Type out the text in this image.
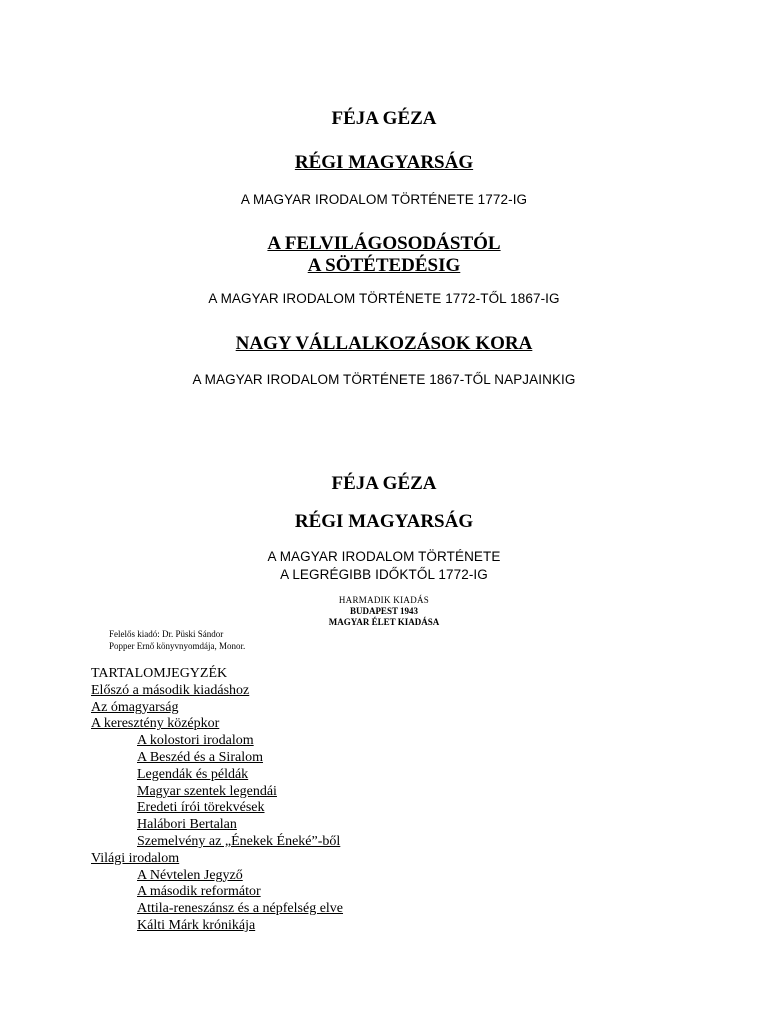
FÉJA GÉZA
RÉGI MAGYARSÁG
A MAGYAR IRODALOM TÖRTÉNETE 1772-IG
A FELVILÁGOSODÁSTÓL
A SÖTÉTEDÉSIG
A MAGYAR IRODALOM TÖRTÉNETE 1772-TŐL 1867-IG
NAGY VÁLLALKOZÁSOK KORA
A MAGYAR IRODALOM TÖRTÉNETE 1867-TŐL NAPJAINKIG
FÉJA GÉZA
RÉGI MAGYARSÁG
A MAGYAR IRODALOM TÖRTÉNETE
A LEGRÉGIBB IDŐKTŐL 1772-IG
HARMADIK KIADÁS
BUDAPEST 1943
MAGYAR ÉLET KIADÁSA
Felelős kiadó: Dr. Püski Sándor
Popper Ernő könyvnyomdája, Monor.
TARTALOMJEGYZÉK
Előszó a második kiadáshoz
Az ómagyarság
A keresztény középkor
A kolostori irodalom
A Beszéd és a Siralom
Legendák és példák
Magyar szentek legendái
Eredeti írói törekvések
Halábori Bertalan
Szemelvény az „Énekek Éneké”-ből
Világi irodalom
A Névtelen Jegyző
A második reformátor
Attila-reneszánsz és a népfelség elve
Kálti Márk krónikája
